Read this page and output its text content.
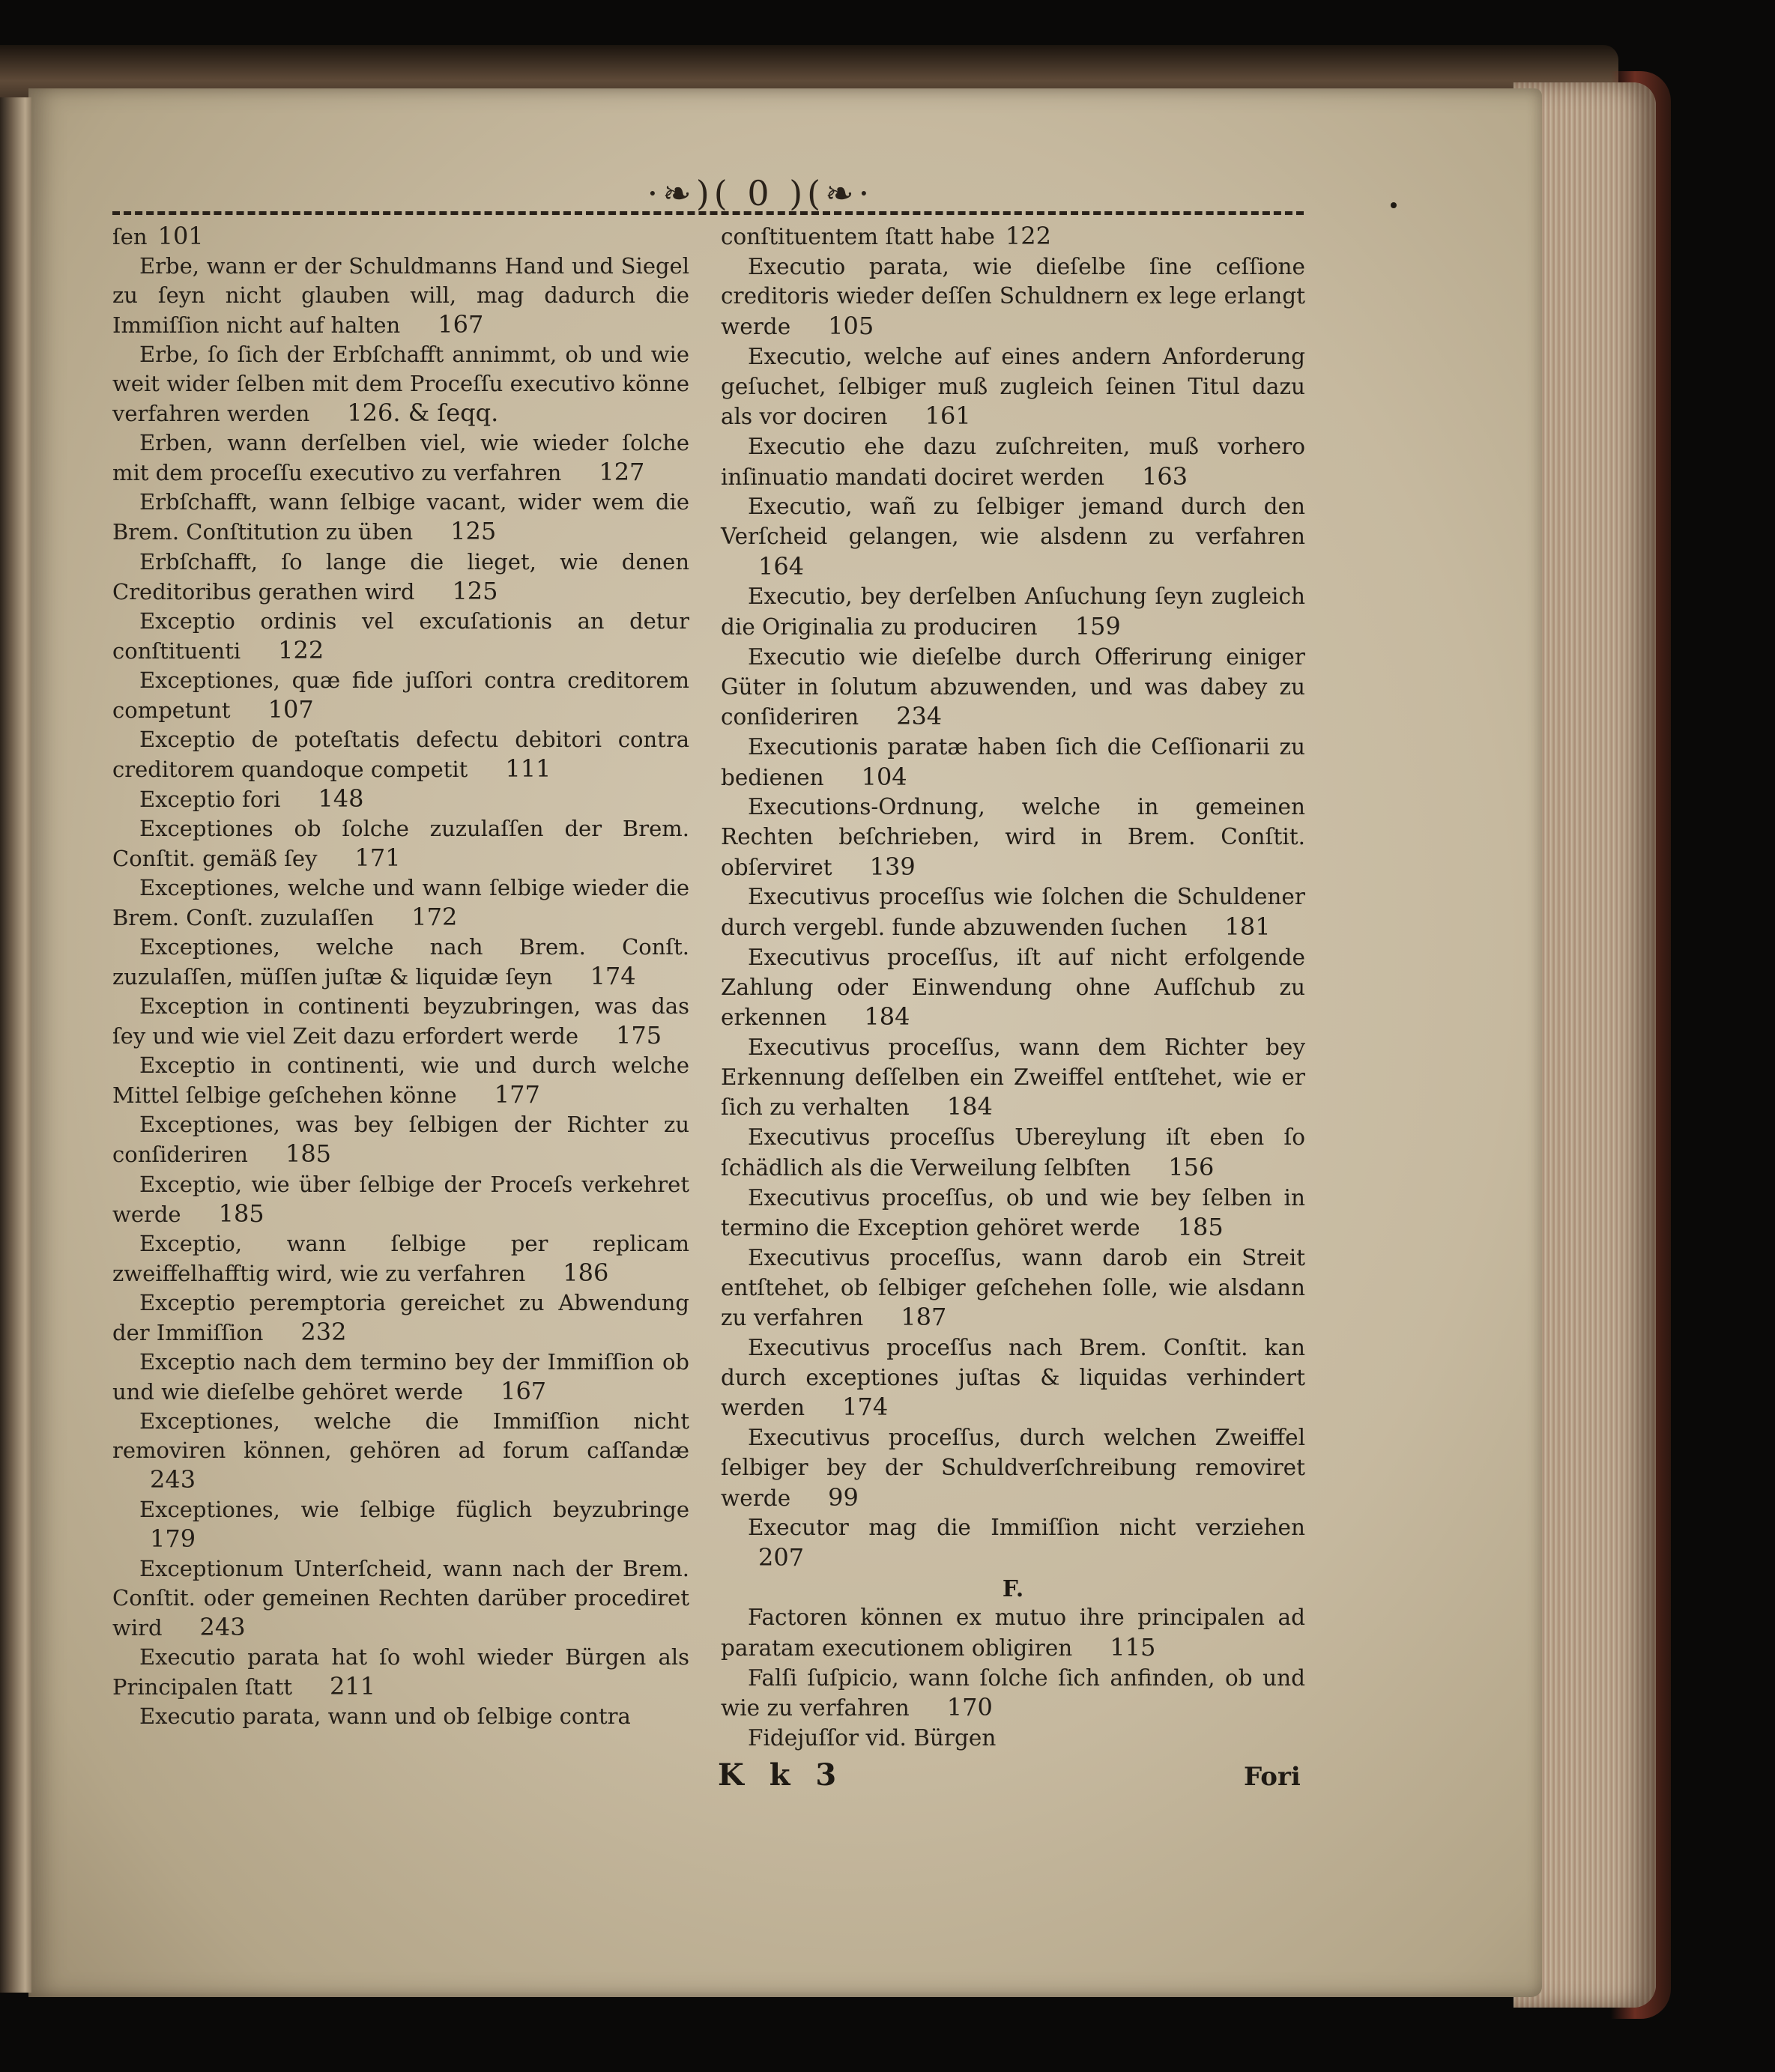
·❧)( 0 )(❧·
ſen 101
Erbe, wann er der Schuldmanns Hand und Siegel zu ſeyn nicht glauben will, mag dadurch die Immiſſion nicht auf halten 167
Erbe, ſo ſich der Erbſchafft annimmt, ob und wie weit wider ſelben mit dem Proceſſu executivo könne verfahren werden 126. & ſeqq.
Erben, wann derſelben viel, wie wieder ſolche mit dem proceſſu executivo zu verfahren 127
Erbſchafft, wann ſelbige vacant, wider wem die Brem. Conſtitution zu üben 125
Erbſchafft, ſo lange die lieget, wie denen Creditoribus gerathen wird 125
Exceptio ordinis vel excuſationis an detur conſtituenti 122
Exceptiones, quæ fide juſſori contra creditorem competunt 107
Exceptio de poteſtatis defectu debitori contra creditorem quandoque competit 111
Exceptio fori 148
Exceptiones ob ſolche zuzulaſſen der Brem. Conſtit. gemäß ſey 171
Exceptiones, welche und wann ſelbige wieder die Brem. Conſt. zuzulaſſen 172
Exceptiones, welche nach Brem. Conſt. zuzulaſſen, müſſen juſtæ & liquidæ ſeyn 174
Exception in continenti beyzubringen, was das ſey und wie viel Zeit dazu erfordert werde 175
Exceptio in continenti, wie und durch welche Mittel ſelbige geſchehen könne 177
Exceptiones, was bey ſelbigen der Richter zu conſideriren 185
Exceptio, wie über ſelbige der Proceſs verkehret werde 185
Exceptio, wann ſelbige per replicam zweiffelhafftig wird, wie zu verfahren 186
Exceptio peremptoria gereichet zu Abwendung der Immiſſion 232
Exceptio nach dem termino bey der Immiſſion ob und wie dieſelbe gehöret werde 167
Exceptiones, welche die Immiſſion nicht removiren können, gehören ad forum caſſandæ243
Exceptiones, wie ſelbige füglich beyzubringe179
Exceptionum Unterſcheid, wann nach der Brem. Conſtit. oder gemeinen Rechten darüber procediret wird 243
Executio parata hat ſo wohl wieder Bürgen als Principalen ſtatt 211
Executio parata, wann und ob ſelbige contra
conſtituentem ſtatt habe 122
Executio parata, wie dieſelbe ſine ceſſione creditoris wieder deſſen Schuldnern ex lege erlangt werde 105
Executio, welche auf eines andern Anforderung geſuchet, ſelbiger muß zugleich ſeinen Titul dazu als vor dociren 161
Executio ehe dazu zuſchreiten, muß vorhero inſinuatio mandati dociret werden 163
Executio, wañ zu ſelbiger jemand durch den Verſcheid gelangen, wie alsdenn zu verfahren164
Executio, bey derſelben Anſuchung ſeyn zugleich die Originalia zu produciren 159
Executio wie dieſelbe durch Offerirung einiger Güter in ſolutum abzuwenden, und was dabey zu conſideriren 234
Executionis paratæ haben ſich die Ceſſionarii zu bedienen 104
Executions-Ordnung, welche in gemeinen Rechten beſchrieben, wird in Brem. Conſtit. obſerviret 139
Executivus proceſſus wie ſolchen die Schuldener durch vergebl. funde abzuwenden ſuchen 181
Executivus proceſſus, iſt auf nicht erfolgende Zahlung oder Einwendung ohne Aufſchub zu erkennen 184
Executivus proceſſus, wann dem Richter bey Erkennung deſſelben ein Zweiffel entſtehet, wie er ſich zu verhalten 184
Executivus proceſſus Ubereylung iſt eben ſo ſchädlich als die Verweilung ſelbſten 156
Executivus proceſſus, ob und wie bey ſelben in termino die Exception gehöret werde 185
Executivus proceſſus, wann darob ein Streit entſtehet, ob ſelbiger geſchehen ſolle, wie alsdann zu verfahren 187
Executivus proceſſus nach Brem. Conſtit. kan durch exceptiones juſtas & liquidas verhindert werden 174
Executivus proceſſus, durch welchen Zweiffel ſelbiger bey der Schuldverſchreibung removiret werde 99
Executor mag die Immiſſion nicht verziehen207
F.
Factoren können ex mutuo ihre principalen ad paratam executionem obligiren 115
Falſi ſuſpicio, wann ſolche ſich anfinden, ob und wie zu verfahren 170
Fidejuſſor vid. Bürgen
K k 3	Fori
